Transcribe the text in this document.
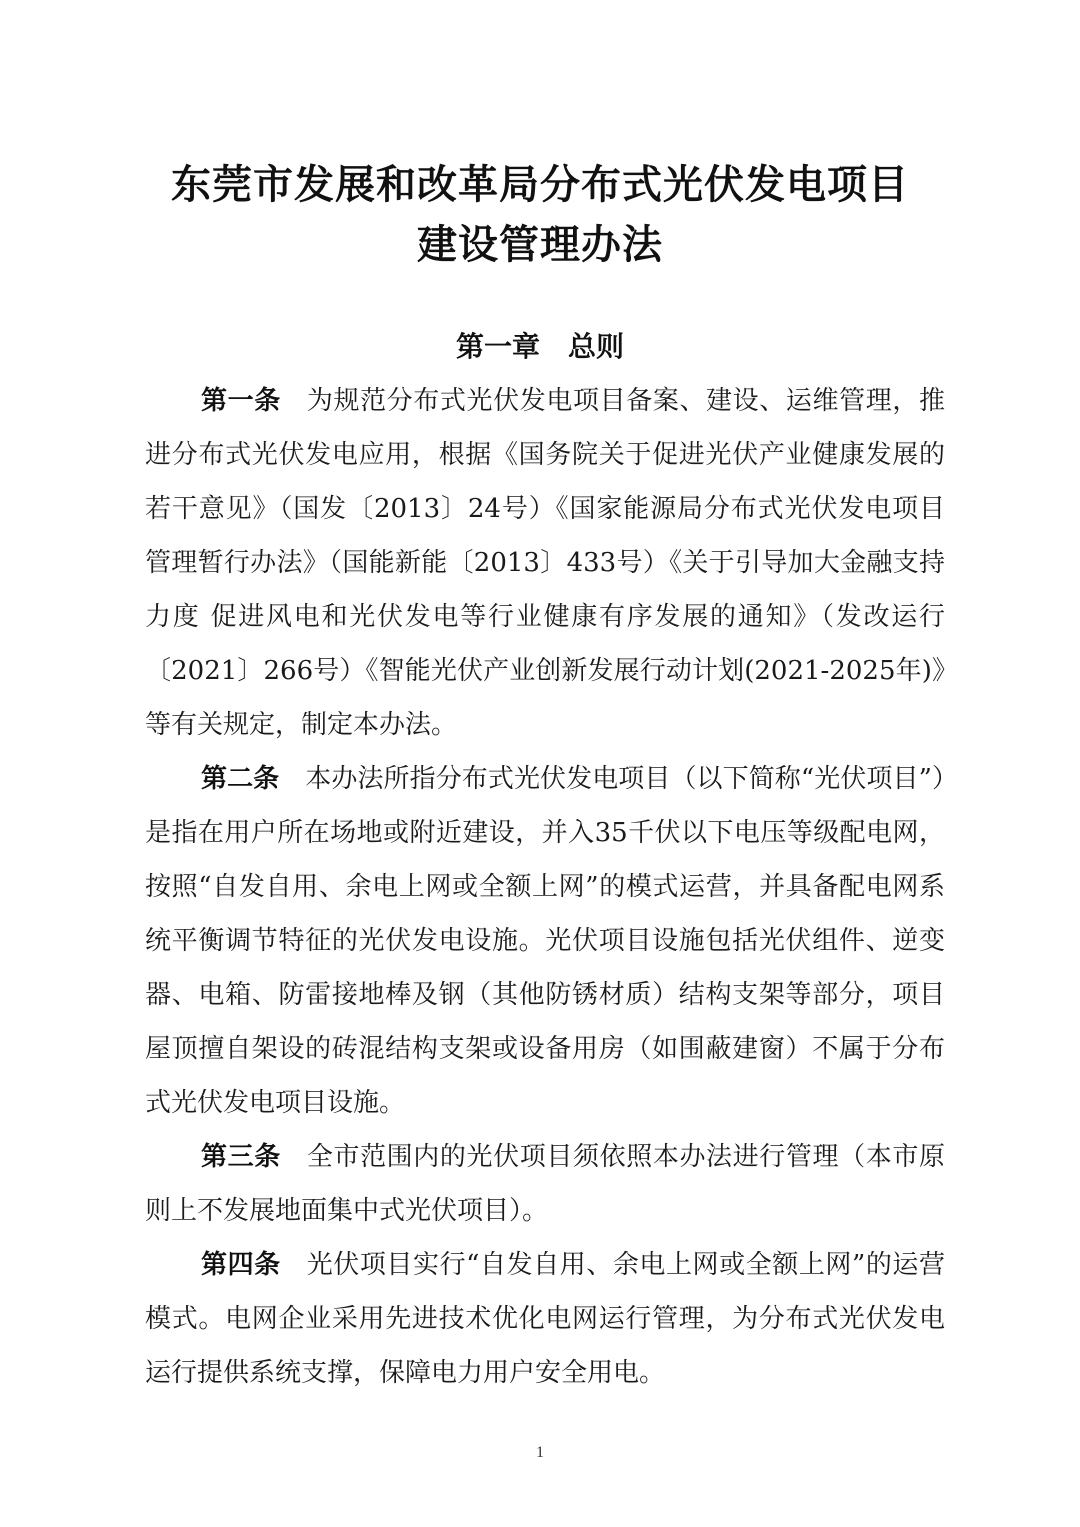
东莞市发展和改革局分布式光伏发电项目
建设管理办法
第一章　总则

第一条 为规范分布式光伏发电项目备案、建设、运维管理，推进分布式光伏发电应用，根据《国务院关于促进光伏产业健康发展的若干意见》（国发〔2013〕24号）《国家能源局分布式光伏发电项目管理暂行办法》（国能新能〔2013〕433号）《关于引导加大金融支持力度 促进风电和光伏发电等行业健康有序发展的通知》（发改运行〔2021〕266号）《智能光伏产业创新发展行动计划(2021-2025年)》等有关规定，制定本办法。

第二条 本办法所指分布式光伏发电项目（以下简称“光伏项目”）是指在用户所在场地或附近建设，并入35千伏以下电压等级配电网，按照“自发自用、余电上网或全额上网”的模式运营，并具备配电网系统平衡调节特征的光伏发电设施。光伏项目设施包括光伏组件、逆变器、电箱、防雷接地棒及钢（其他防锈材质）结构支架等部分，项目屋顶擅自架设的砖混结构支架或设备用房（如围蔽建窗）不属于分布式光伏发电项目设施。

第三条 全市范围内的光伏项目须依照本办法进行管理（本市原则上不发展地面集中式光伏项目）。

第四条 光伏项目实行“自发自用、余电上网或全额上网”的运营模式。电网企业采用先进技术优化电网运行管理，为分布式光伏发电运行提供系统支撑，保障电力用户安全用电。

1
